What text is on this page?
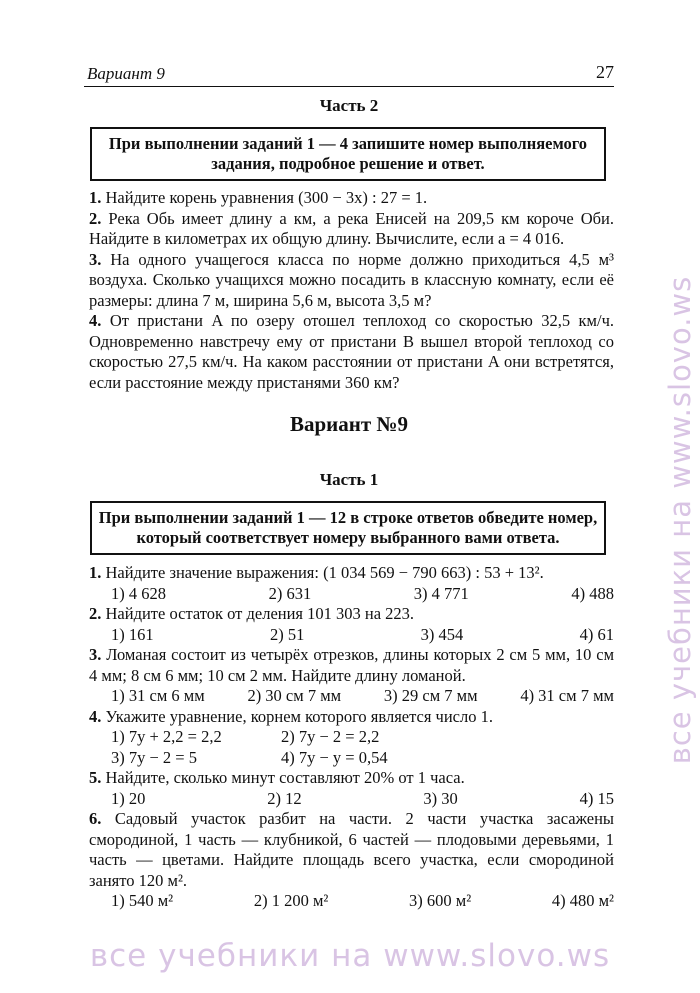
Вариант 9	27
Часть 2
При выполнении заданий 1 — 4 запишите номер выполняемого задания, подробное решение и ответ.

1. Найдите корень уравнения (300 − 3x) : 27 = 1.

2. Река Обь имеет длину a км, а река Енисей на 209,5 км короче Оби. Найдите в километрах их общую длину. Вычислите, если a = 4 016.

3. На одного учащегося класса по норме должно приходиться 4,5 м³ воздуха. Сколько учащихся можно посадить в классную комнату, если её размеры: длина 7 м, ширина 5,6 м, высота 3,5 м?

4. От пристани A по озеру отошел теплоход со скоростью 32,5 км/ч. Одновременно навстречу ему от пристани B вышел второй теплоход со скоростью 27,5 км/ч. На каком расстоянии от пристани A они встретятся, если расстояние между пристанями 360 км?

Вариант №9
Часть 1
При выполнении заданий 1 — 12 в строке ответов обведите номер, который соответствует номеру выбранного вами ответа.

1. Найдите значение выражения: (1 034 569 − 790 663) : 53 + 13².

1) 4 628	2) 631	3) 4 771	4) 488

2. Найдите остаток от деления 101 303 на 223.

1) 161	2) 51	3) 454	4) 61

3. Ломаная состоит из четырёх отрезков, длины которых 2 см 5 мм, 10 см 4 мм; 8 см 6 мм; 10 см 2 мм. Найдите длину ломаной.

1) 31 см 6 мм	2) 30 см 7 мм	3) 29 см 7 мм	4) 31 см 7 мм

4. Укажите уравнение, корнем которого является число 1.

1) 7y + 2,2 = 2,2	2) 7y − 2 = 2,2
3) 7y − 2 = 5	4) 7y − y = 0,54

5. Найдите, сколько минут составляют 20% от 1 часа.

1) 20	2) 12	3) 30	4) 15

6. Садовый участок разбит на части. 2 части участка засажены смородиной, 1 часть — клубникой, 6 частей — плодовыми деревьями, 1 часть — цветами. Найдите площадь всего участка, если смородиной занято 120 м².

1) 540 м²	2) 1 200 м²	3) 600 м²	4) 480 м²
все учебники на www.slovo.ws
все учебники на www.slovo.ws
